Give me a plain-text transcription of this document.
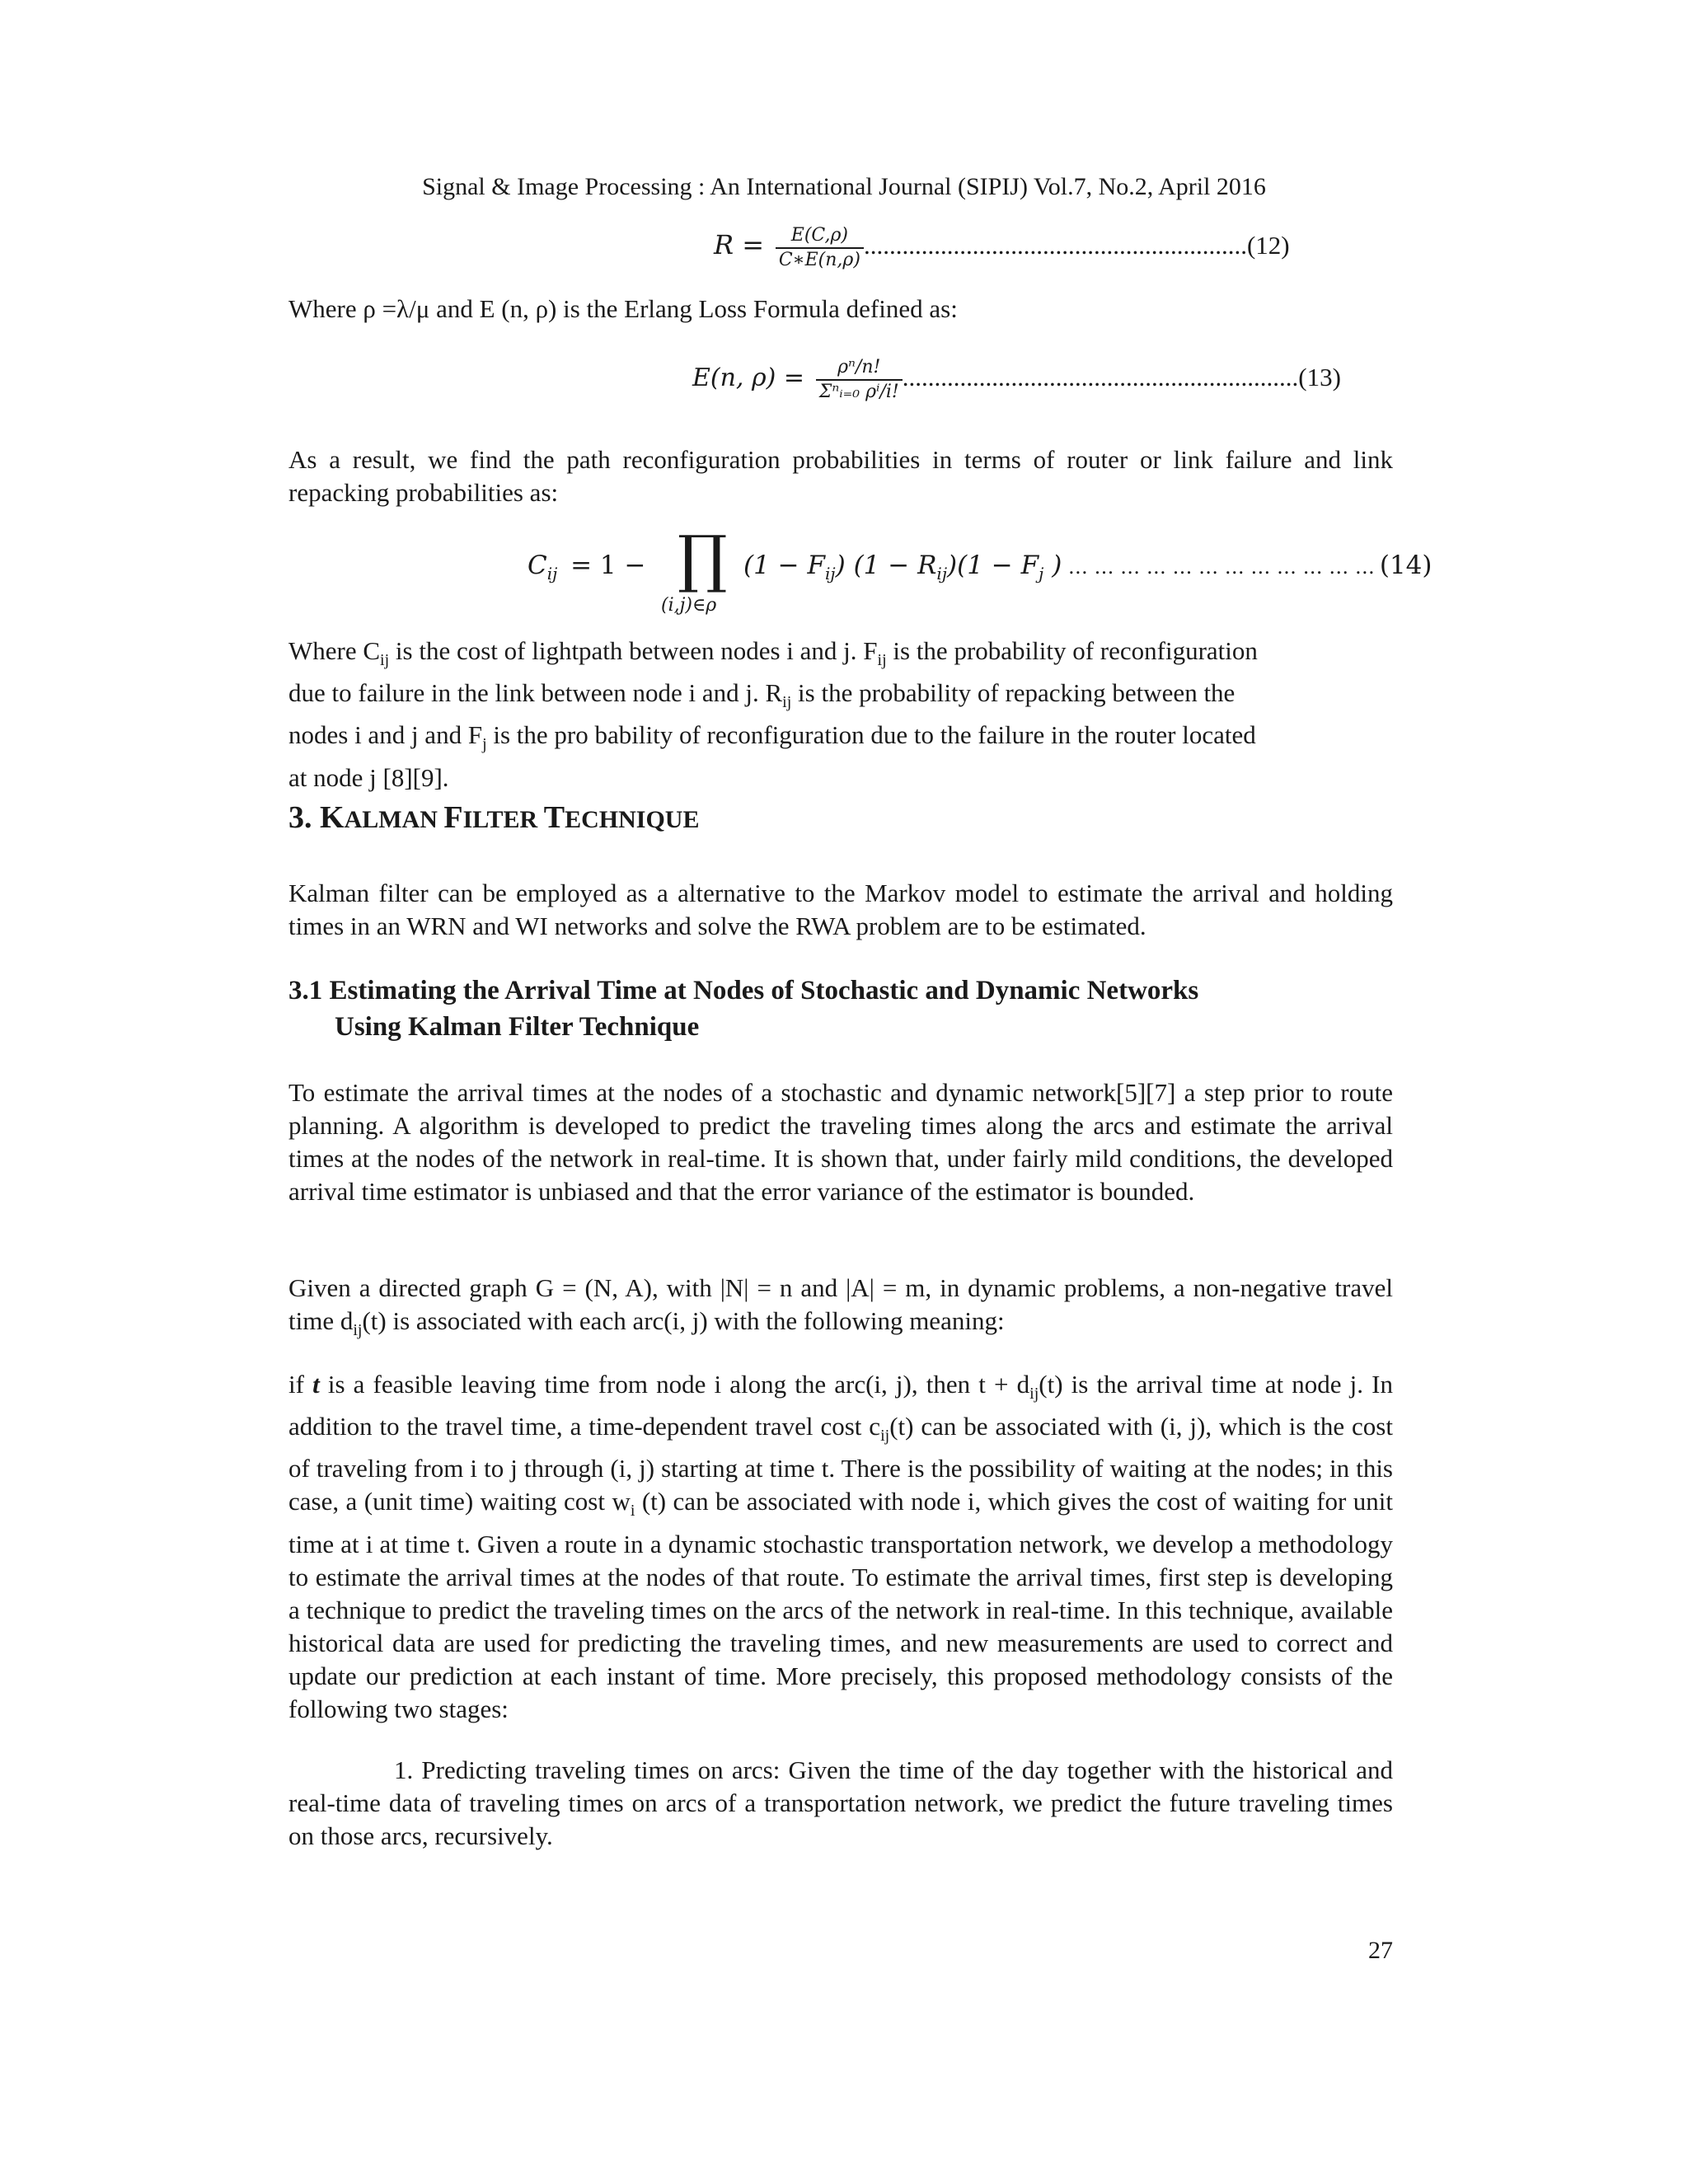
Signal & Image Processing : An International Journal (SIPIJ) Vol.7, No.2, April 2016
$R = \frac{E(C,\rho)}{C∗E(n,\rho)} ............................................................(12)$
Where ρ =λ/μ and E (n, ρ) is the Erlang Loss Formula defined as:
E(n, $\rho) = \frac{\text{ρⁿ/n!}}{\text{Σⁿᵢ₌₀ ρⁱ/i!}} ..............................................................(13)$
As a result, we find the path reconfiguration probabilities in terms of router or link failure and link repacking probabilities as:
$C_{ij} = 1$ − ∏
(i,j)∈ρ
$(1 - F_{ij})$ $(1 - R_{ij})(1 - F_j$ ) … … … … … … … … … … … … (14)
Where $C_{ij}$ is the cost of lightpath between nodes i and j. $F_{ij}$ is the probability of reconfiguration
due to failure in the link between node i and j. $R_{ij}$ is the probability of repacking between the
nodes i and j and $F_j$ is the pro bability of reconfiguration due to the failure in the router located
at node j [8][9].
3. KALMAN FILTER TECHNIQUE
Kalman filter can be employed as a alternative to the Markov model to estimate the arrival and holding times in an WRN and WI networks and solve the RWA problem are to be estimated.
3.1 Estimating the Arrival Time at Nodes of Stochastic and Dynamic Networks
Using Kalman Filter Technique
To estimate the arrival times at the nodes of a stochastic and dynamic network[5][7] a step prior to route planning. A algorithm is developed to predict the traveling times along the arcs and estimate the arrival times at the nodes of the network in real-time. It is shown that, under fairly mild conditions, the developed arrival time estimator is unbiased and that the error variance of the estimator is bounded.
Given a directed graph G = (N, A), with |N| = n and |A| = m, in dynamic problems, a non-negative travel time $d_{ij}(t)$ is associated with each arc(i, j) with the following meaning:
if t is a feasible leaving time from node i along the arc(i, j), then $t + d_{ij}(t)$ is the arrival time at node j. In addition to the travel time, a time-dependent travel cost $c_{ij}(t)$ can be associated with (i, j), which is the cost of traveling from i to j through (i, j) starting at time t. There is the possibility of waiting at the nodes; in this case, a (unit time) waiting cost $w_i$ (t) can be associated with node i, which gives the cost of waiting for unit time at i at time t. Given a route in a dynamic stochastic transportation network, we develop a methodology to estimate the arrival times at the nodes of that route. To estimate the arrival times, first step is developing a technique to predict the traveling times on the arcs of the network in real-time. In this technique, available historical data are used for predicting the traveling times, and new measurements are used to correct and update our prediction at each instant of time. More precisely, this proposed methodology consists of the following two stages:
1. Predicting traveling times on arcs: Given the time of the day together with the historical and real-time data of traveling times on arcs of a transportation network, we predict the future traveling times on those arcs, recursively.
27
